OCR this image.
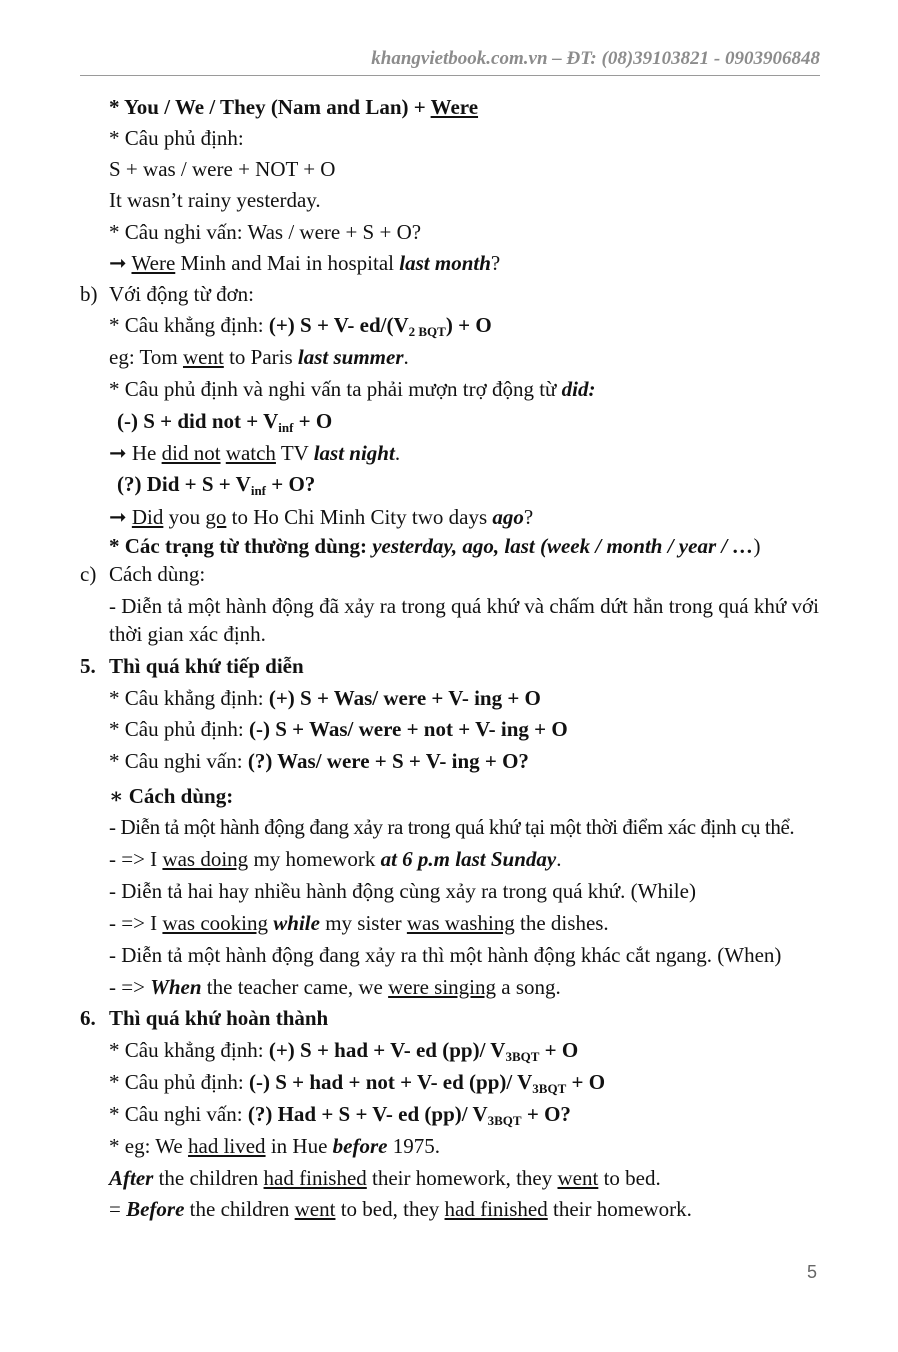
khangvietbook.com.vn – ĐT: (08)39103821 - 0903906848
* You / We / They (Nam and Lan) + Were
* Câu phủ định:
S + was / were + NOT + O
It wasn’t rainy yesterday.
* Câu nghi vấn: Was / were + S + O?
➞ Were Minh and Mai in hospital last month?
b) Với động từ đơn:
* Câu khẳng định: (+) S + V- $ed/(V_{2 BQT}) + O$
eg: Tom went to Paris last summer.
* Câu phủ định và nghi vấn ta phải mượn trợ động từ did:
(-) S + did not + $V_{inf} + O$
➞ He did not watch TV last night.
(?) Did + $S + V_{inf} + O$?
➞ Did you go to Ho Chi Minh City two days ago?
* Các trạng từ thường dùng: yesterday, ago, last (week / month / year / …)
c) Cách dùng:
- Diễn tả một hành động đã xảy ra trong quá khứ và chấm dứt hẳn trong quá khứ với thời gian xác định.
5. Thì quá khứ tiếp diễn
* Câu khẳng định: (+) S + Was/ were + V- ing + O
* Câu phủ định: (-) S + Was/ were + not + V- ing + O
* Câu nghi vấn: (?) Was/ were + S + V- ing + O?
∗ Cách dùng:
- Diễn tả một hành động đang xảy ra trong quá khứ tại một thời điểm xác định cụ thể.
- => I was doing my homework at 6 p.m last Sunday.
- Diễn tả hai hay nhiều hành động cùng xảy ra trong quá khứ. (While)
- => I was cooking while my sister was washing the dishes.
- Diễn tả một hành động đang xảy ra thì một hành động khác cắt ngang. (When)
- => When the teacher came, we were singing a song.
6. Thì quá khứ hoàn thành
* Câu khẳng định: (+) S + had + V- ed (pp)/ $V_{3BQT} + O$
* Câu phủ định: (-) S + had + not + V- ed (pp)/ $V_{3BQT} + O$
* Câu nghi vấn: (?) Had + S + V- ed (pp)/ $V_{3BQT} + O$?
* eg: We had lived in Hue before 1975.
After the children had finished their homework, they went to bed.
= Before the children went to bed, they had finished their homework.
5
